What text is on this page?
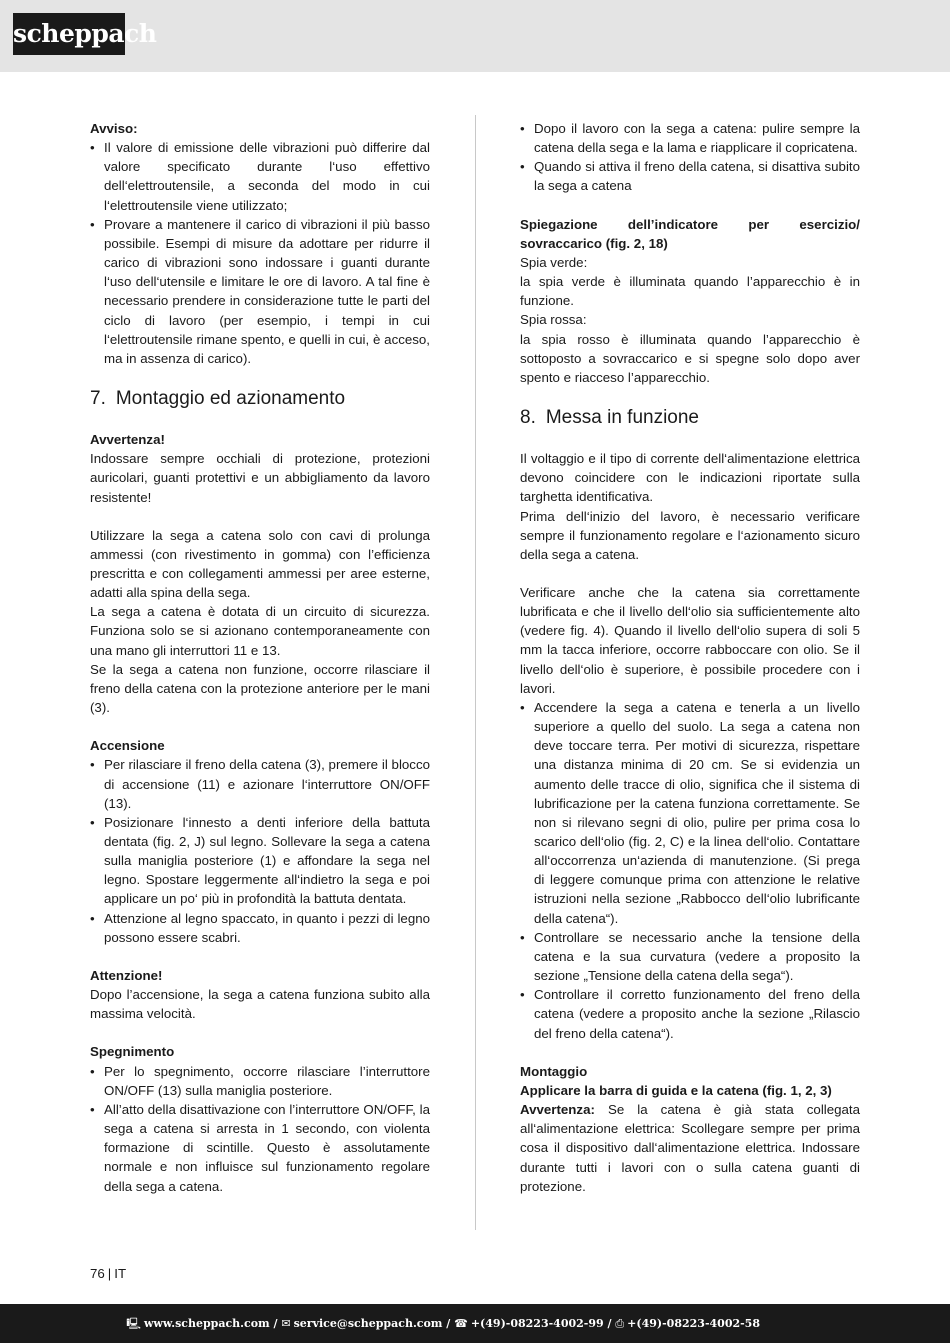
scheppach

Avviso:

• Il valore di emissione delle vibrazioni può differire dal valore specificato durante l‘uso effettivo dell‘elettroutensile, a seconda del modo in cui l‘elettroutensile viene utilizzato;
• Provare a mantenere il carico di vibrazioni il più basso possibile. Esempi di misure da adottare per ridurre il carico di vibrazioni sono indossare i guanti durante l‘uso dell‘utensile e limitare le ore di lavoro. A tal fine è necessario prendere in considerazione tutte le parti del ciclo di lavoro (per esempio, i tempi in cui l‘elettroutensile rimane spento, e quelli in cui, è acceso, ma in assenza di carico).
7. Montaggio ed azionamento

Avvertenza!

Indossare sempre occhiali di protezione, protezioni auricolari, guanti protettivi e un abbigliamento da lavoro resistente!

Utilizzare la sega a catena solo con cavi di prolunga ammessi (con rivestimento in gomma) con l’efficienza prescritta e con collegamenti ammessi per aree esterne, adatti alla spina della sega.

La sega a catena è dotata di un circuito di sicurezza. Funziona solo se si azionano contemporaneamente con una mano gli interruttori 11 e 13.

Se la sega a catena non funzione, occorre rilasciare il freno della catena con la protezione anteriore per le mani (3).

Accensione

• Per rilasciare il freno della catena (3), premere il blocco di accensione (11) e azionare l‘interruttore ON/OFF (13).
• Posizionare l‘innesto a denti inferiore della battuta dentata (fig. 2, J) sul legno. Sollevare la sega a catena sulla maniglia posteriore (1) e affondare la sega nel legno. Spostare leggermente all‘indietro la sega e poi applicare un po‘ più in profondità la battuta dentata.
• Attenzione al legno spaccato, in quanto i pezzi di legno possono essere scabri.

Attenzione!

Dopo l’accensione, la sega a catena funziona subito alla massima velocità.

Spegnimento

• Per lo spegnimento, occorre rilasciare l’interruttore ON/OFF (13) sulla maniglia posteriore.
• All’atto della disattivazione con l’interruttore ON/OFF, la sega a catena si arresta in 1 secondo, con violenta formazione di scintille. Questo è assolutamente normale e non influisce sul funzionamento regolare della sega a catena.
• Dopo il lavoro con la sega a catena: pulire sempre la catena della sega e la lama e riapplicare il copricatena.
• Quando si attiva il freno della catena, si disattiva subito la sega a catena

Spiegazione dell’indicatore per esercizio/

sovraccarico (fig. 2, 18)

Spia verde:

la spia verde è illuminata quando l’apparecchio è in funzione.

Spia rossa:

la spia rosso è illuminata quando l’apparecchio è sottoposto a sovraccarico e si spegne solo dopo aver spento e riacceso l’apparecchio.

8. Messa in funzione

Il voltaggio e il tipo di corrente dell‘alimentazione elettrica devono coincidere con le indicazioni riportate sulla targhetta identificativa.

Prima dell‘inizio del lavoro, è necessario verificare sempre il funzionamento regolare e l‘azionamento sicuro della sega a catena.

Verificare anche che la catena sia correttamente lubrificata e che il livello dell‘olio sia sufficientemente alto (vedere fig. 4). Quando il livello dell‘olio supera di soli 5 mm la tacca inferiore, occorre rabboccare con olio. Se il livello dell‘olio è superiore, è possibile procedere con i lavori.

• Accendere la sega a catena e tenerla a un livello superiore a quello del suolo. La sega a catena non deve toccare terra. Per motivi di sicurezza, rispettare una distanza minima di 20 cm. Se si evidenzia un aumento delle tracce di olio, significa che il sistema di lubrificazione per la catena funziona correttamente. Se non si rilevano segni di olio, pulire per prima cosa lo scarico dell‘olio (fig. 2, C) e la linea dell‘olio. Contattare all‘occorrenza un‘azienda di manutenzione. (Si prega di leggere comunque prima con attenzione le relative istruzioni nella sezione „Rabbocco dell‘olio lubrificante della catena“).
• Controllare se necessario anche la tensione della catena e la sua curvatura (vedere a proposito la sezione „Tensione della catena della sega“).
• Controllare il corretto funzionamento del freno della catena (vedere a proposito anche la sezione „Rilascio del freno della catena“).

Montaggio

Applicare la barra di guida e la catena (fig. 1, 2, 3)

Avvertenza: Se la catena è già stata collegata all‘alimentazione elettrica: Scollegare sempre per prima cosa il dispositivo dall‘alimentazione elettrica. Indossare durante tutti i lavori con o sulla catena guanti di protezione.

76 | IT
🖳 www.scheppach.com / ✉ service@scheppach.com / ☎ +(49)-08223-4002-99 / ⎙ +(49)-08223-4002-58
